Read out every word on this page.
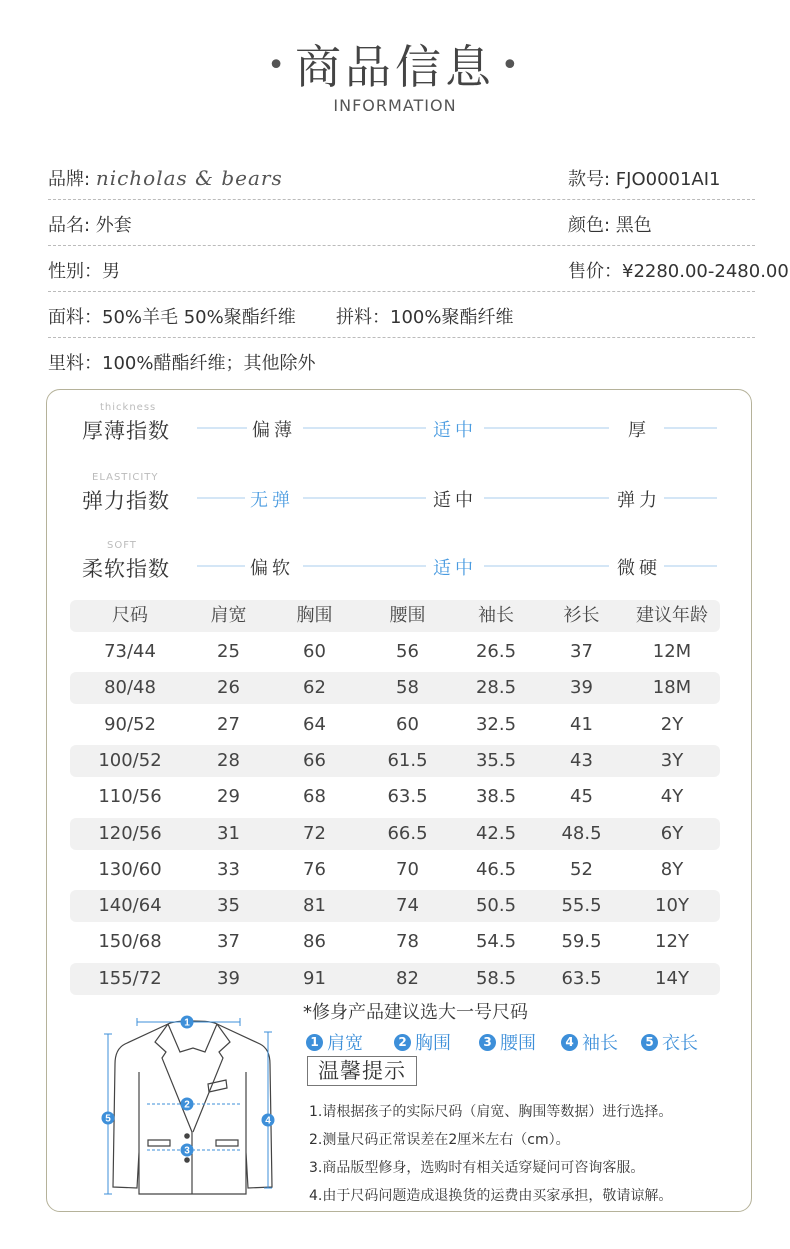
• 商品信息 •
INFORMATION
品牌: nicholas & bears	款号: FJO0001AI1
品名: 外套	颜色: 黑色
性别：男	售价：¥2280.00-2480.00
面料：50%羊毛 50%聚酯纤维 拼料：100%聚酯纤维
里料：100%醋酯纤维；其他除外
thickness
厚薄指数	偏薄	适中	厚
ELASTICITY
弹力指数	无弹	适中	弹力
SOFT
柔软指数	偏软	适中	微硬
尺码	肩宽	胸围	腰围	袖长	衫长	建议年龄
73/44	25	60	56	26.5	37	12M
80/48	26	62	58	28.5	39	18M
90/52	27	64	60	32.5	41	2Y
100/52	28	66	61.5	35.5	43	3Y
110/56	29	68	63.5	38.5	45	4Y
120/56	31	72	66.5	42.5	48.5	6Y
130/60	33	76	70	46.5	52	8Y
140/64	35	81	74	50.5	55.5	10Y
150/68	37	86	78	54.5	59.5	12Y
155/72	39	91	82	58.5	63.5	14Y
1
2
3
4
5
*修身产品建议选大一号尺码
1 肩宽	2 胸围	3 腰围	4 袖长	5 衣长
温馨提示
1.请根据孩子的实际尺码（肩宽、胸围等数据）进行选择。
2.测量尺码正常误差在2厘米左右（cm）。
3.商品版型修身，选购时有相关适穿疑问可咨询客服。
4.由于尺码问题造成退换货的运费由买家承担，敬请谅解。
